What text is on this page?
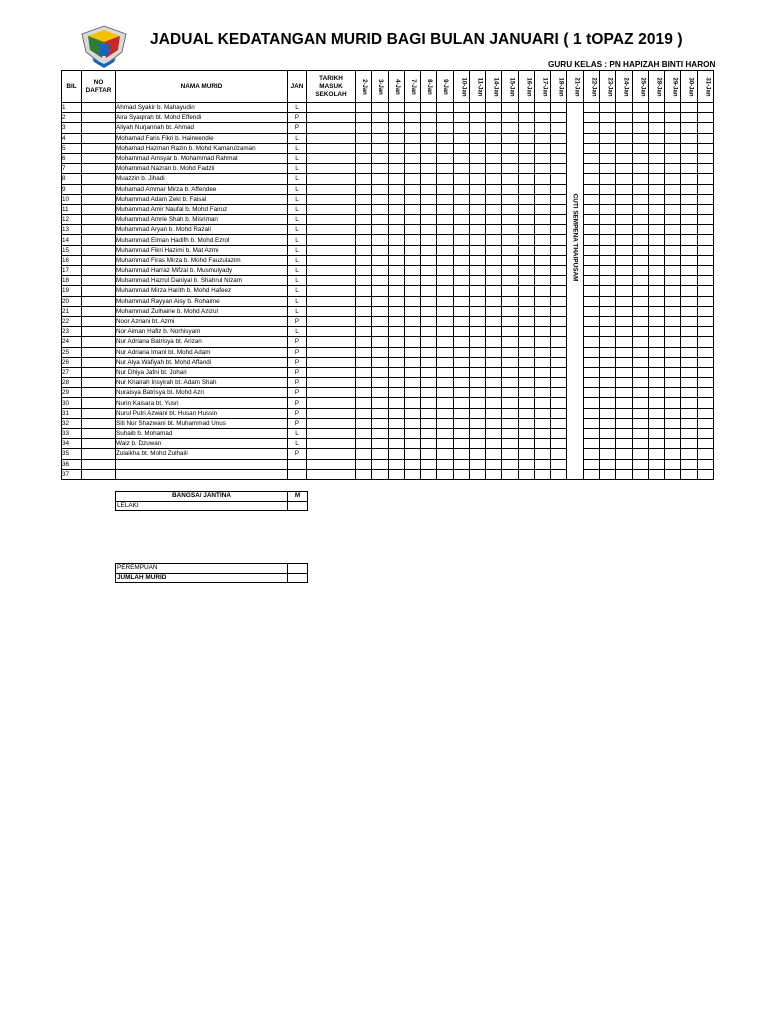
JADUAL KEDATANGAN MURID BAGI BULAN JANUARI ( 1 tOPAZ 2019 )
GURU KELAS : PN HAPIZAH BINTI HARON
BIL	NO DAFTAR	NAMA MURID	JAN	TARIKH MASUK SEKOLAH	2-Jan	3-Jan	4-Jan	7-Jan	8-Jan	9-Jan	10-Jan	11-Jan	14-Jan	15-Jan	16-Jan	17-Jan	18-Jan	21-Jan	22-Jan	23-Jan	24-Jan	25-Jan	28-Jan	29-Jan	30-Jan	31-Jan
1		Ahmad Syakir b. Mahayudin	L															CUTI SEMPENA THAIPUSAM								

2		Aira Syaqirah bt. Mohd Effendi	P																							
3		Aliyah Nurjannah bt. Ahmad	P																							
4		Mohamad Faris Fikri b. Hairwendie	L																							
5		Mohamad Hazman Razin b. Mohd Kamarulzaman	L																							
6		Mohammad Amsyar b. Mohammad Rahmat	L																							
7		Mohammad Nazran b. Mohd Fadzli	L																							
8		Muazzin b. Jihadi	L																							
9		Muhamad Ammar Mirza b. Affendee	L																							
10		Muhammad Adam Zeki b. Faisal	L																							
11		Muhammad Amir Naufal b. Mohd Fairuz	L																							
12		Muhammad Amrie Shah b. Misriman	L																							
13		Muhammad Aryan b. Mohd Razali	L																							
14		Muhammad Elman Hadifh b. Mohd Ezrol	L																							
15		Muhammad Fikri Hazimi b. Mat Azmi	L																							
16		Muhammad Firas Mirza b. Mohd Fauzulazim	L																							
17		Muhammad Harraz Mifzal b. Musmulyady	L																							
18		Muhammad Hazrul Daniyal b. Shahrul Nizam	L																							
19		Muhammad Mirza Harith b. Mohd Hafeez	L																							
20		Muhammad Rayyan Aisy b. Rohaime	L																							
21		Muhammad Zulhairie b. Mohd Azizul	L																							
22		Noor Azriani bt. Azmi	P																							
23		Nor Aiman Hafiz b. Norhisyam	L																							
24		Nur Adriana Batrisya bt. Arizan	P																							
25		Nur Adriana Imani bt. Mohd Adam	P																							
26		Nur Alya Wafiyah bt. Mohd Affandi	P																							
27		Nur Dhiya Jafni bt. Johari	P																							
28		Nur Khairah Insyirah bt. Adam Shah	P																							
29		Nuraisya Batrisya bt. Mohd Azri	P																							
30		Nurin Kaisara bt. Yusri	P																							
31		Nurul Putri Azwani bt. Husan Hussin	P																							
32		Siti Nur Shazwani bt. Muhammad Unus	P																							
33		Suhaib b. Mohamad	L																							
34		Waiz b. Dzuwan	L																							
35		Zulaikha bt. Mohd Zulhaili	P																							
36																										
37																										
BANGSA/ JANTINA	M
LELAKI	
PEREMPUAN	
JUMLAH MURID	
